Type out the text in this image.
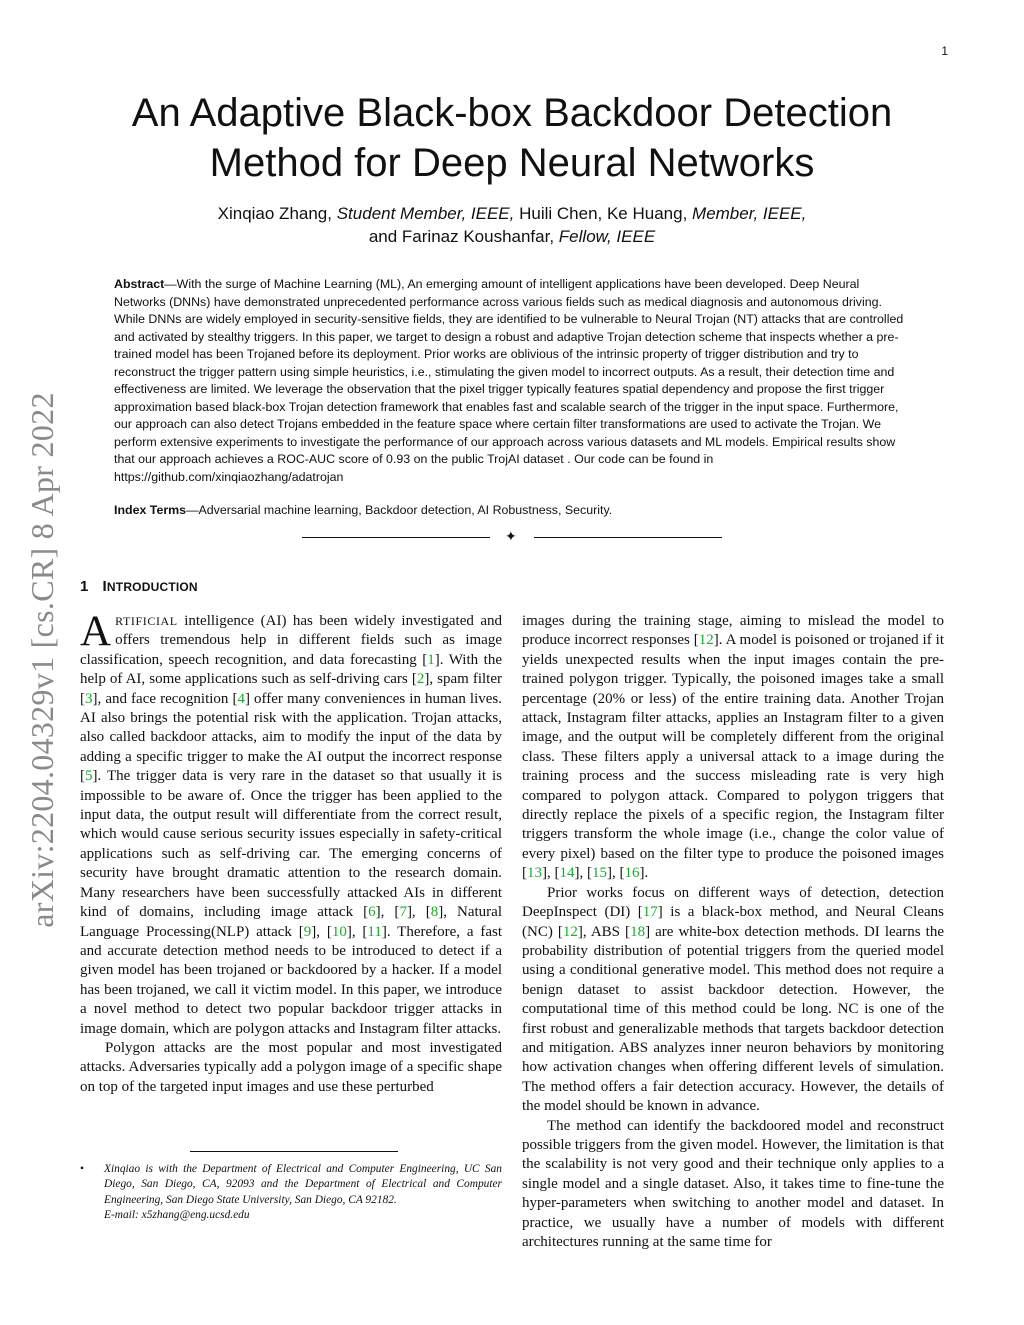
1
arXiv:2204.04329v1 [cs.CR] 8 Apr 2022
An Adaptive Black-box Backdoor Detection
Method for Deep Neural Networks
Xinqiao Zhang, Student Member, IEEE, Huili Chen, Ke Huang, Member, IEEE,
and Farinaz Koushanfar, Fellow, IEEE

Abstract—With the surge of Machine Learning (ML), An emerging amount of intelligent applications have been developed. Deep Neural Networks (DNNs) have demonstrated unprecedented performance across various fields such as medical diagnosis and autonomous driving. While DNNs are widely employed in security-sensitive fields, they are identified to be vulnerable to Neural Trojan (NT) attacks that are controlled and activated by stealthy triggers. In this paper, we target to design a robust and adaptive Trojan detection scheme that inspects whether a pre-trained model has been Trojaned before its deployment. Prior works are oblivious of the intrinsic property of trigger distribution and try to reconstruct the trigger pattern using simple heuristics, i.e., stimulating the given model to incorrect outputs. As a result, their detection time and effectiveness are limited. We leverage the observation that the pixel trigger typically features spatial dependency and propose the first trigger approximation based black-box Trojan detection framework that enables fast and scalable search of the trigger in the input space. Furthermore, our approach can also detect Trojans embedded in the feature space where certain filter transformations are used to activate the Trojan. We perform extensive experiments to investigate the performance of our approach across various datasets and ML models. Empirical results show that our approach achieves a ROC-AUC score of 0.93 on the public TrojAI dataset . Our code can be found in https://github.com/xinqiaozhang/adatrojan

Index Terms—Adversarial machine learning, Backdoor detection, AI Robustness, Security.

✦
1 INTRODUCTION

ARTIFICIAL intelligence (AI) has been widely investigated and offers tremendous help in different fields such as image classification, speech recognition, and data forecasting [1]. With the help of AI, some applications such as self-driving cars [2], spam filter [3], and face recognition [4] offer many conveniences in human lives. AI also brings the potential risk with the application. Trojan attacks, also called backdoor attacks, aim to modify the input of the data by adding a specific trigger to make the AI output the incorrect response [5]. The trigger data is very rare in the dataset so that usually it is impossible to be aware of. Once the trigger has been applied to the input data, the output result will differentiate from the correct result, which would cause serious security issues especially in safety-critical applications such as self-driving car. The emerging concerns of security have brought dramatic attention to the research domain. Many researchers have been successfully attacked AIs in different kind of domains, including image attack [6], [7], [8], Natural Language Processing(NLP) attack [9], [10], [11]. Therefore, a fast and accurate detection method needs to be introduced to detect if a given model has been trojaned or backdoored by a hacker. If a model has been trojaned, we call it victim model. In this paper, we introduce a novel method to detect two popular backdoor trigger attacks in image domain, which are polygon attacks and Instagram filter attacks.

Polygon attacks are the most popular and most investigated attacks. Adversaries typically add a polygon image of a specific shape on top of the targeted input images and use these perturbed

images during the training stage, aiming to mislead the model to produce incorrect responses [12]. A model is poisoned or trojaned if it yields unexpected results when the input images contain the pre-trained polygon trigger. Typically, the poisoned images take a small percentage (20% or less) of the entire training data. Another Trojan attack, Instagram filter attacks, applies an Instagram filter to a given image, and the output will be completely different from the original class. These filters apply a universal attack to a image during the training process and the success misleading rate is very high compared to polygon attack. Compared to polygon triggers that directly replace the pixels of a specific region, the Instagram filter triggers transform the whole image (i.e., change the color value of every pixel) based on the filter type to produce the poisoned images [13], [14], [15], [16].

Prior works focus on different ways of detection, detection DeepInspect (DI) [17] is a black-box method, and Neural Cleans (NC) [12], ABS [18] are white-box detection methods. DI learns the probability distribution of potential triggers from the queried model using a conditional generative model. This method does not require a benign dataset to assist backdoor detection. However, the computational time of this method could be long. NC is one of the first robust and generalizable methods that targets backdoor detection and mitigation. ABS analyzes inner neuron behaviors by monitoring how activation changes when offering different levels of simulation. The method offers a fair detection accuracy. However, the details of the model should be known in advance.

The method can identify the backdoored model and reconstruct possible triggers from the given model. However, the limitation is that the scalability is not very good and their technique only applies to a single model and a single dataset. Also, it takes time to fine-tune the hyper-parameters when switching to another model and dataset. In practice, we usually have a number of models with different architectures running at the same time for

• Xinqiao is with the Department of Electrical and Computer Engineering, UC San Diego, San Diego, CA, 92093 and the Department of Electrical and Computer Engineering, San Diego State University, San Diego, CA 92182.
E-mail: x5zhang@eng.ucsd.edu
